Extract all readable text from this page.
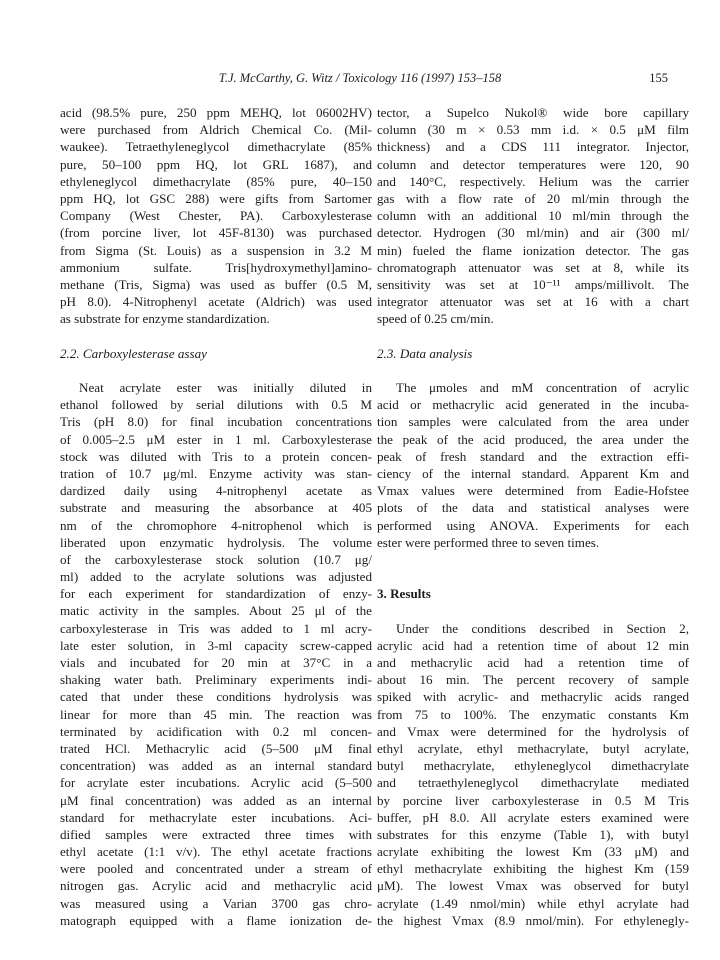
T.J. McCarthy, G. Witz / Toxicology 116 (1997) 153–158	155
acid (98.5% pure, 250 ppm MEHQ, lot 06002HV)
were purchased from Aldrich Chemical Co. (Mil-
waukee). Tetraethyleneglycol dimethacrylate (85%
pure, 50–100 ppm HQ, lot GRL 1687), and
ethyleneglycol dimethacrylate (85% pure, 40–150
ppm HQ, lot GSC 288) were gifts from Sartomer
Company (West Chester, PA). Carboxylesterase
(from porcine liver, lot 45F-8130) was purchased
from Sigma (St. Louis) as a suspension in 3.2 M
ammonium sulfate. Tris[hydroxymethyl]amino-
methane (Tris, Sigma) was used as buffer (0.5 M,
pH 8.0). 4-Nitrophenyl acetate (Aldrich) was used
as substrate for enzyme standardization.
2.2. Carboxylesterase assay
Neat acrylate ester was initially diluted in
ethanol followed by serial dilutions with 0.5 M
Tris (pH 8.0) for final incubation concentrations
of 0.005–2.5 μM ester in 1 ml. Carboxylesterase
stock was diluted with Tris to a protein concen-
tration of 10.7 μg/ml. Enzyme activity was stan-
dardized daily using 4-nitrophenyl acetate as
substrate and measuring the absorbance at 405
nm of the chromophore 4-nitrophenol which is
liberated upon enzymatic hydrolysis. The volume
of the carboxylesterase stock solution (10.7 μg/
ml) added to the acrylate solutions was adjusted
for each experiment for standardization of enzy-
matic activity in the samples. About 25 μl of the
carboxylesterase in Tris was added to 1 ml acry-
late ester solution, in 3-ml capacity screw-capped
vials and incubated for 20 min at 37°C in a
shaking water bath. Preliminary experiments indi-
cated that under these conditions hydrolysis was
linear for more than 45 min. The reaction was
terminated by acidification with 0.2 ml concen-
trated HCl. Methacrylic acid (5–500 μM final
concentration) was added as an internal standard
for acrylate ester incubations. Acrylic acid (5–500
μM final concentration) was added as an internal
standard for methacrylate ester incubations. Aci-
dified samples were extracted three times with
ethyl acetate (1:1 v/v). The ethyl acetate fractions
were pooled and concentrated under a stream of
nitrogen gas. Acrylic acid and methacrylic acid
was measured using a Varian 3700 gas chro-
matograph equipped with a flame ionization de-
tector, a Supelco Nukol® wide bore capillary
column (30 m × 0.53 mm i.d. × 0.5 μM film
thickness) and a CDS 111 integrator. Injector,
column and detector temperatures were 120, 90
and 140°C, respectively. Helium was the carrier
gas with a flow rate of 20 ml/min through the
column with an additional 10 ml/min through the
detector. Hydrogen (30 ml/min) and air (300 ml/
min) fueled the flame ionization detector. The gas
chromatograph attenuator was set at 8, while its
sensitivity was set at 10⁻¹¹ amps/millivolt. The
integrator attenuator was set at 16 with a chart
speed of 0.25 cm/min.
2.3. Data analysis
The μmoles and mM concentration of acrylic
acid or methacrylic acid generated in the incuba-
tion samples were calculated from the area under
the peak of the acid produced, the area under the
peak of fresh standard and the extraction effi-
ciency of the internal standard. Apparent Km and
Vmax values were determined from Eadie-Hofstee
plots of the data and statistical analyses were
performed using ANOVA. Experiments for each
ester were performed three to seven times.
3. Results
Under the conditions described in Section 2,
acrylic acid had a retention time of about 12 min
and methacrylic acid had a retention time of
about 16 min. The percent recovery of sample
spiked with acrylic- and methacrylic acids ranged
from 75 to 100%. The enzymatic constants Km
and Vmax were determined for the hydrolysis of
ethyl acrylate, ethyl methacrylate, butyl acrylate,
butyl methacrylate, ethyleneglycol dimethacrylate
and tetraethyleneglycol dimethacrylate mediated
by porcine liver carboxylesterase in 0.5 M Tris
buffer, pH 8.0. All acrylate esters examined were
substrates for this enzyme (Table 1), with butyl
acrylate exhibiting the lowest Km (33 μM) and
ethyl methacrylate exhibiting the highest Km (159
μM). The lowest Vmax was observed for butyl
acrylate (1.49 nmol/min) while ethyl acrylate had
the highest Vmax (8.9 nmol/min). For ethylenegly-
